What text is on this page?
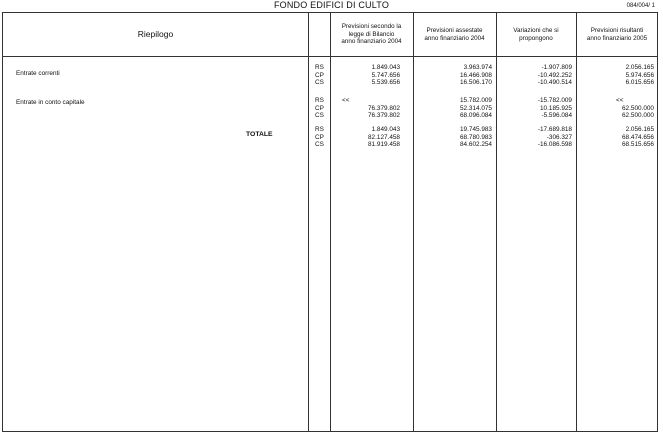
FONDO EDIFICI DI CULTO	084/004/ 1
Riepilogo
Previsioni secondo la
legge di Bilancio
anno finanziario 2004
Previsioni assestate
anno finanziario 2004
Variazioni che si
propongono
Previsioni risultanti
anno finanziario 2005
Entrate correnti
RS
CP
CS
1.849.043
5.747.656
5.539.656
3.963.974
16.466.908
16.506.170
-1.907.809
-10.492.252
-10.490.514
2.056.165
5.974.656
6.015.656
Entrate in conto capitale	RS
CP
CS
<<
76.379.802
76.379.802
15.782.009
52.314.075
68.096.084
-15.782.009
10.185.925
-5.596.084
<<
62.500.000
62.500.000
TOTALE
RS
CP
CS
1.849.043
82.127.458
81.919.458
19.745.983
68.780.983
84.602.254
-17.689.818
-306.327
-16.086.598
2.056.165
68.474.656
68.515.656
